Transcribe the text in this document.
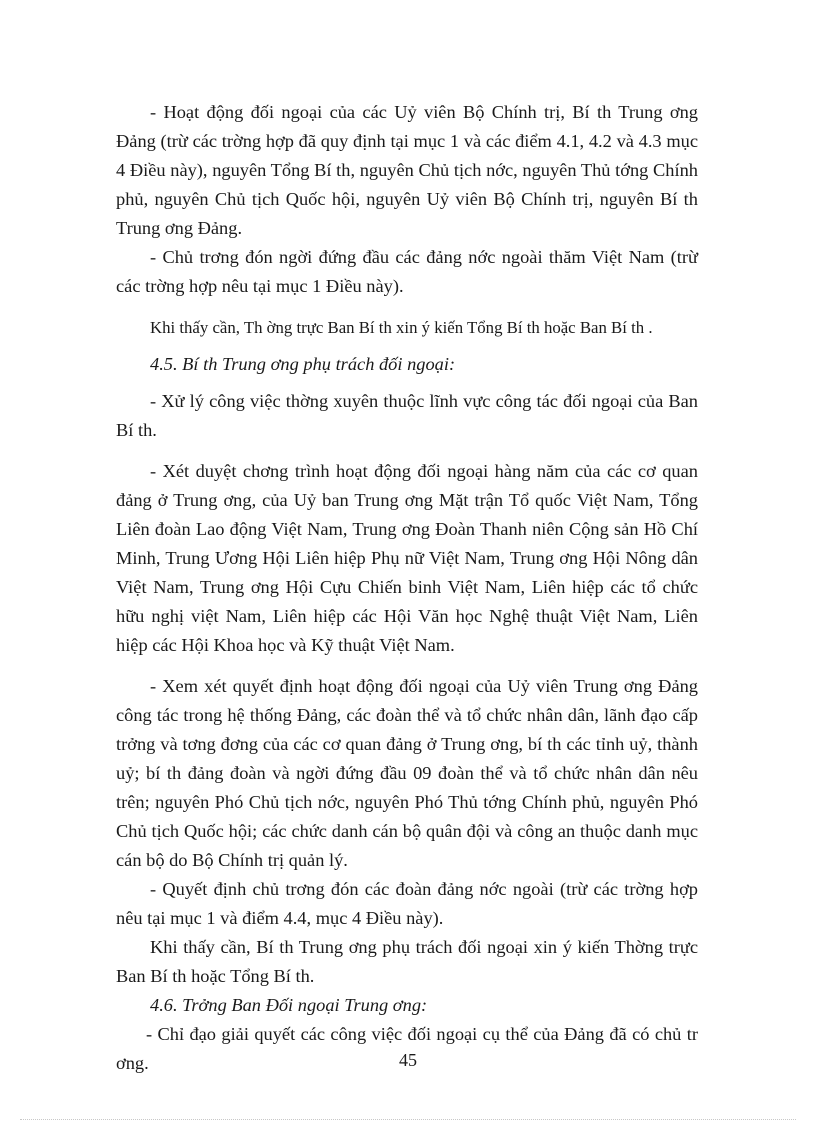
- Hoạt động đối ngoại của các Uỷ viên Bộ Chính trị, Bí th Trung ơng Đảng (trừ các trờng hợp đã quy định tại mục 1 và các điểm 4.1, 4.2 và 4.3 mục 4 Điều này), nguyên Tổng Bí th, nguyên Chủ tịch nớc, nguyên Thủ tớng Chính phủ, nguyên Chủ tịch Quốc hội, nguyên Uỷ viên Bộ Chính trị, nguyên Bí th Trung ơng Đảng.

- Chủ trơng đón ngời đứng đầu các đảng nớc ngoài thăm Việt Nam (trừ các trờng hợp nêu tại mục 1 Điều này).

Khi thấy cần, Th ờng trực Ban Bí th xin ý kiến Tổng Bí th hoặc Ban Bí th .

4.5. Bí th Trung ơng phụ trách đối ngoại:

- Xử lý công việc thờng xuyên thuộc lĩnh vực công tác đối ngoại của Ban Bí th.

- Xét duyệt chơng trình hoạt động đối ngoại hàng năm của các cơ quan đảng ở Trung ơng, của Uỷ ban Trung ơng Mặt trận Tổ quốc Việt Nam, Tổng Liên đoàn Lao động Việt Nam, Trung ơng Đoàn Thanh niên Cộng sản Hồ Chí Minh, Trung Ương Hội Liên hiệp Phụ nữ Việt Nam, Trung ơng Hội Nông dân Việt Nam, Trung ơng Hội Cựu Chiến binh Việt Nam, Liên hiệp các tổ chức hữu nghị việt Nam, Liên hiệp các Hội Văn học Nghệ thuật Việt Nam, Liên hiệp các Hội Khoa học và Kỹ thuật Việt Nam.

- Xem xét quyết định hoạt động đối ngoại của Uỷ viên Trung ơng Đảng công tác trong hệ thống Đảng, các đoàn thể và tổ chức nhân dân, lãnh đạo cấp trởng và tơng đơng của các cơ quan đảng ở Trung ơng, bí th các tỉnh uỷ, thành uỷ; bí th đảng đoàn và ngời đứng đầu 09 đoàn thể và tổ chức nhân dân nêu trên; nguyên Phó Chủ tịch nớc, nguyên Phó Thủ tớng Chính phủ, nguyên Phó Chủ tịch Quốc hội; các chức danh cán bộ quân đội và công an thuộc danh mục cán bộ do Bộ Chính trị quản lý.

- Quyết định chủ trơng đón các đoàn đảng nớc ngoài (trừ các trờng hợp nêu tại mục 1 và điểm 4.4, mục 4 Điều này).

Khi thấy cần, Bí th Trung ơng phụ trách đối ngoại xin ý kiến Thờng trực Ban Bí th hoặc Tổng Bí th.

4.6. Trởng Ban Đối ngoại Trung ơng:

- Chỉ đạo giải quyết các công việc đối ngoại cụ thể của Đảng đã có chủ tr ơng.	45
